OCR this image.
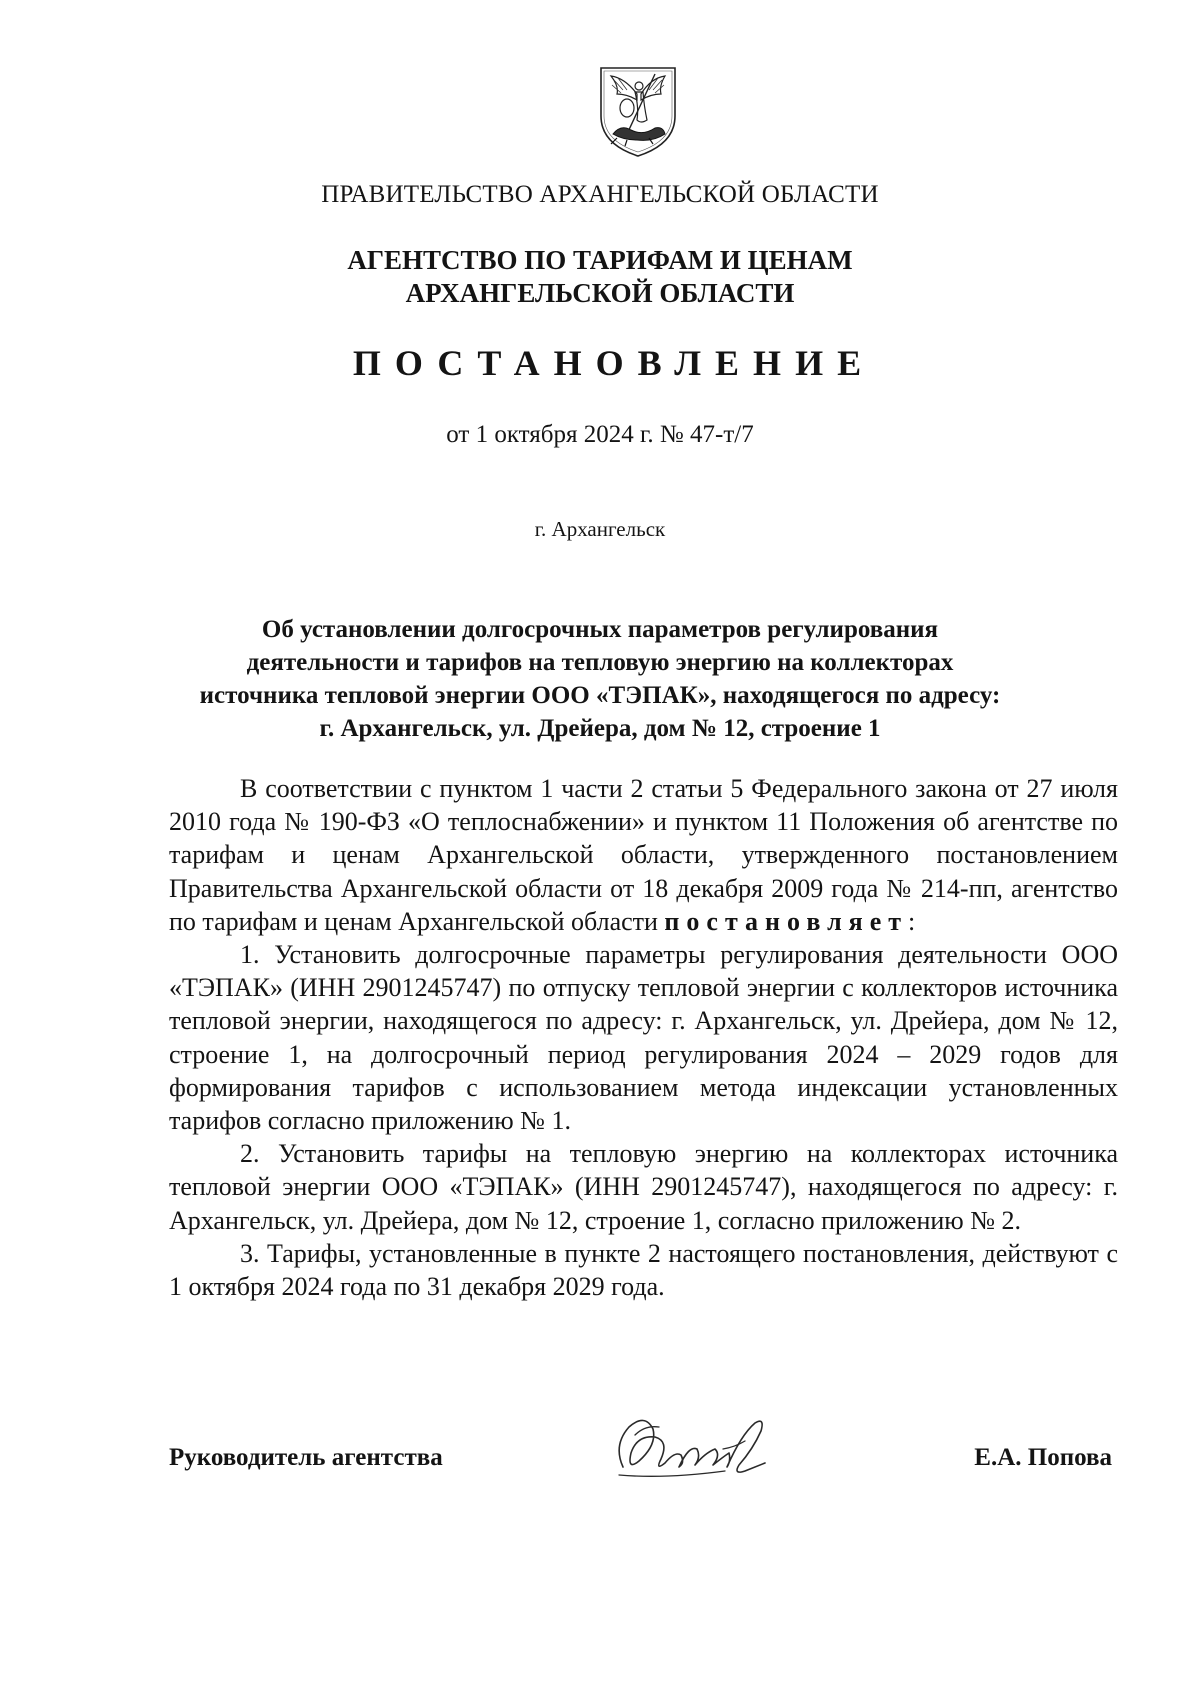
ПРАВИТЕЛЬСТВО АРХАНГЕЛЬСКОЙ ОБЛАСТИ
АГЕНТСТВО ПО ТАРИФАМ И ЦЕНАМ
АРХАНГЕЛЬСКОЙ ОБЛАСТИ
ПОСТАНОВЛЕНИЕ
от 1 октября 2024 г. № 47-т/7
г. Архангельск
Об установлении долгосрочных параметров регулирования
деятельности и тарифов на тепловую энергию на коллекторах
источника тепловой энергии ООО «ТЭПАК», находящегося по адресу:
г. Архангельск, ул. Дрейера, дом № 12, строение 1

В соответствии с пунктом 1 части 2 статьи 5 Федерального закона от 27 июля 2010 года № 190-ФЗ «О теплоснабжении» и пунктом 11 Положения об агентстве по тарифам и ценам Архангельской области, утвержденного постановлением Правительства Архангельской области от 18 декабря 2009 года № 214-пп, агентство по тарифам и ценам Архангельской области постановляет:

1. Установить долгосрочные параметры регулирования деятельности ООО «ТЭПАК» (ИНН 2901245747) по отпуску тепловой энергии с коллекторов источника тепловой энергии, находящегося по адресу: г. Архангельск, ул. Дрейера, дом № 12, строение 1, на долгосрочный период регулирования 2024 – 2029 годов для формирования тарифов с использованием метода индексации установленных тарифов согласно приложению № 1.

2. Установить тарифы на тепловую энергию на коллекторах источника тепловой энергии ООО «ТЭПАК» (ИНН 2901245747), находящегося по адресу: г. Архангельск, ул. Дрейера, дом № 12, строение 1, согласно приложению № 2.

3. Тарифы, установленные в пункте 2 настоящего постановления, действуют с 1 октября 2024 года по 31 декабря 2029 года.

Руководитель агентства	Е.А. Попова
